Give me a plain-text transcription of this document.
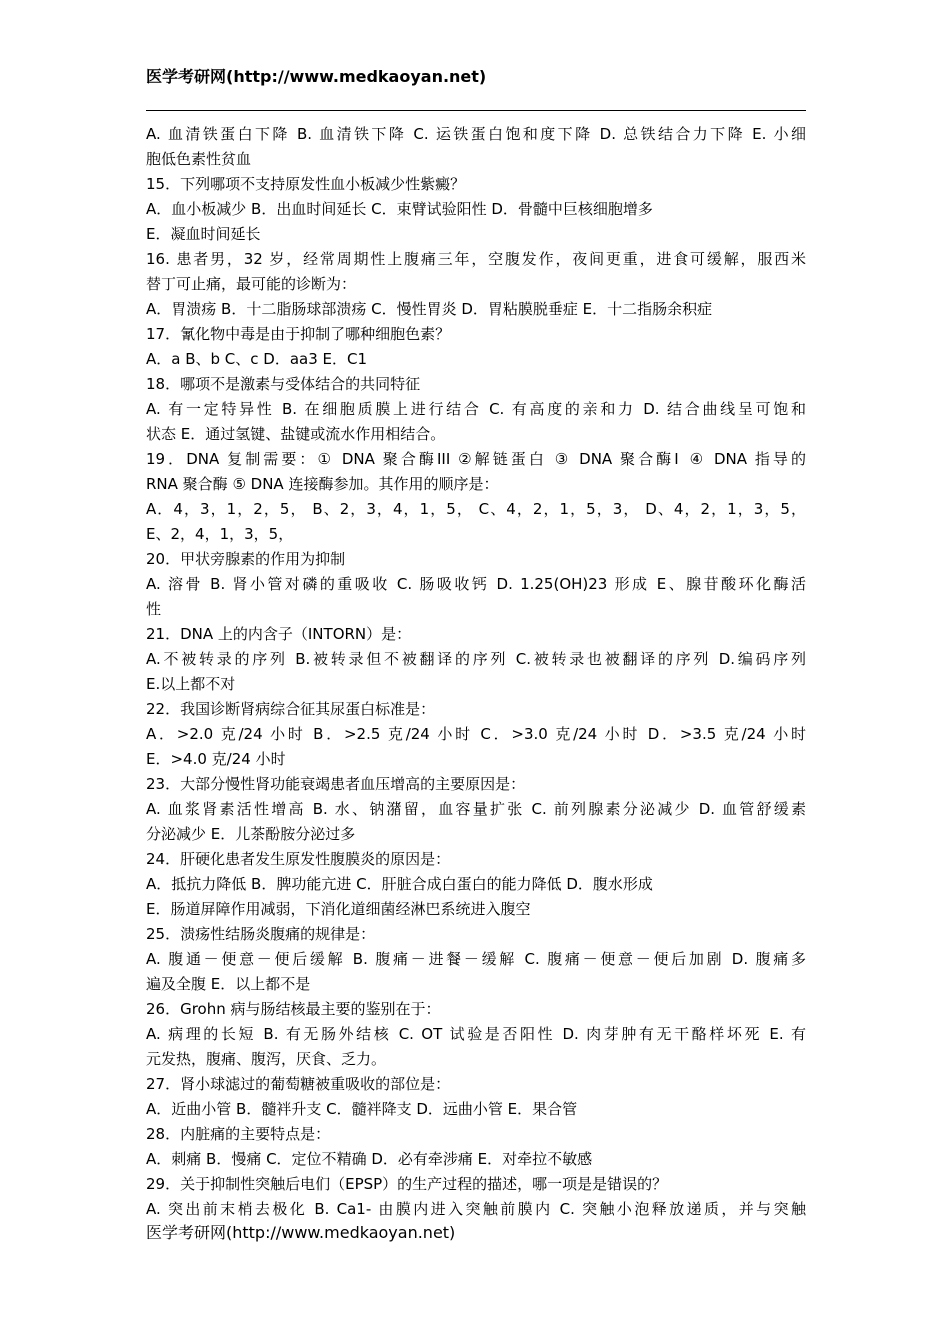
医学考研网(http://www.medkaoyan.net)
A. 血清铁蛋白下降 B. 血清铁下降 C. 运铁蛋白饱和度下降 D. 总铁结合力下降 E. 小细
胞低色素性贫血
15．下列哪项不支持原发性血小板减少性紫癜？
A．血小板减少 B．出血时间延长 C．束臂试验阳性 D．骨髓中巨核细胞增多
E．凝血时间延长
16. 患者男，32 岁，经常周期性上腹痛三年，空腹发作，夜间更重，进食可缓解，服西米
替丁可止痛，最可能的诊断为：
A．胃溃疡 B．十二脂肠球部溃疡 C．慢性胃炎 D．胃粘膜脱垂症 E．十二指肠余积症
17．氰化物中毒是由于抑制了哪种细胞色素？
A．a B、b C、c D．aa3 E．C1
18．哪项不是激素与受体结合的共同特征
A. 有一定特异性 B. 在细胞质膜上进行结合 C. 有高度的亲和力 D. 结合曲线呈可饱和
状态 E．通过氢键、盐键或流水作用相结合。
19．DNA 复制需要：① DNA 聚合酶III ②解链蛋白 ③ DNA 聚合酶Ⅰ ④ DNA 指导的
RNA 聚合酶 ⑤ DNA 连接酶参加。其作用的顺序是：
A．4，3，1，2，5， B、2，3，4，1，5， C、4，2，1，5，3， D、4，2，1，3，5，
E、2，4，1，3，5，
20．甲状旁腺素的作用为抑制
A. 溶骨 B. 肾小管对磷的重吸收 C. 肠吸收钙 D. 1.25(OH)23 形成 E、腺苷酸环化酶活
性
21．DNA 上的内含子（INTORN）是：
A.不被转录的序列 B.被转录但不被翻译的序列 C.被转录也被翻译的序列 D.编码序列
E.以上都不对
22．我国诊断肾病综合征其尿蛋白标准是：
A．>2.0 克/24 小时 B．>2.5 克/24 小时 C．>3.0 克/24 小时 D．>3.5 克/24 小时
E．>4.0 克/24 小时
23．大部分慢性肾功能衰竭患者血压增高的主要原因是：
A. 血浆肾素活性增高 B. 水、钠潴留，血容量扩张 C. 前列腺素分泌减少 D. 血管舒缓素
分泌减少 E．儿茶酚胺分泌过多
24．肝硬化患者发生原发性腹膜炎的原因是：
A．抵抗力降低 B．脾功能亢进 C．肝脏合成白蛋白的能力降低 D．腹水形成
E．肠道屏障作用减弱，下消化道细菌经淋巴系统进入腹空
25．溃疡性结肠炎腹痛的规律是：
A. 腹通－便意－便后缓解 B. 腹痛－进餐－缓解 C. 腹痛－便意－便后加剧 D. 腹痛多
遍及全腹 E．以上都不是
26．Grohn 病与肠结核最主要的鉴别在于：
A. 病理的长短 B. 有无肠外结核 C. OT 试验是否阳性 D. 肉芽肿有无干酪样坏死 E. 有
元发热，腹痛、腹泻，厌食、乏力。
27．肾小球滤过的葡萄糖被重吸收的部位是：
A．近曲小管 B．髓袢升支 C．髓袢降支 D．远曲小管 E．果合管
28．内脏痛的主要特点是：
A．刺痛 B．慢痛 C．定位不精确 D．必有牵涉痛 E．对牵拉不敏感
29．关于抑制性突触后电们（EPSP）的生产过程的描述，哪一项是是错误的？
A. 突出前末梢去极化 B. Ca1- 由膜内进入突触前膜内 C. 突触小泡释放递质，并与突触
医学考研网(http://www.medkaoyan.net)
